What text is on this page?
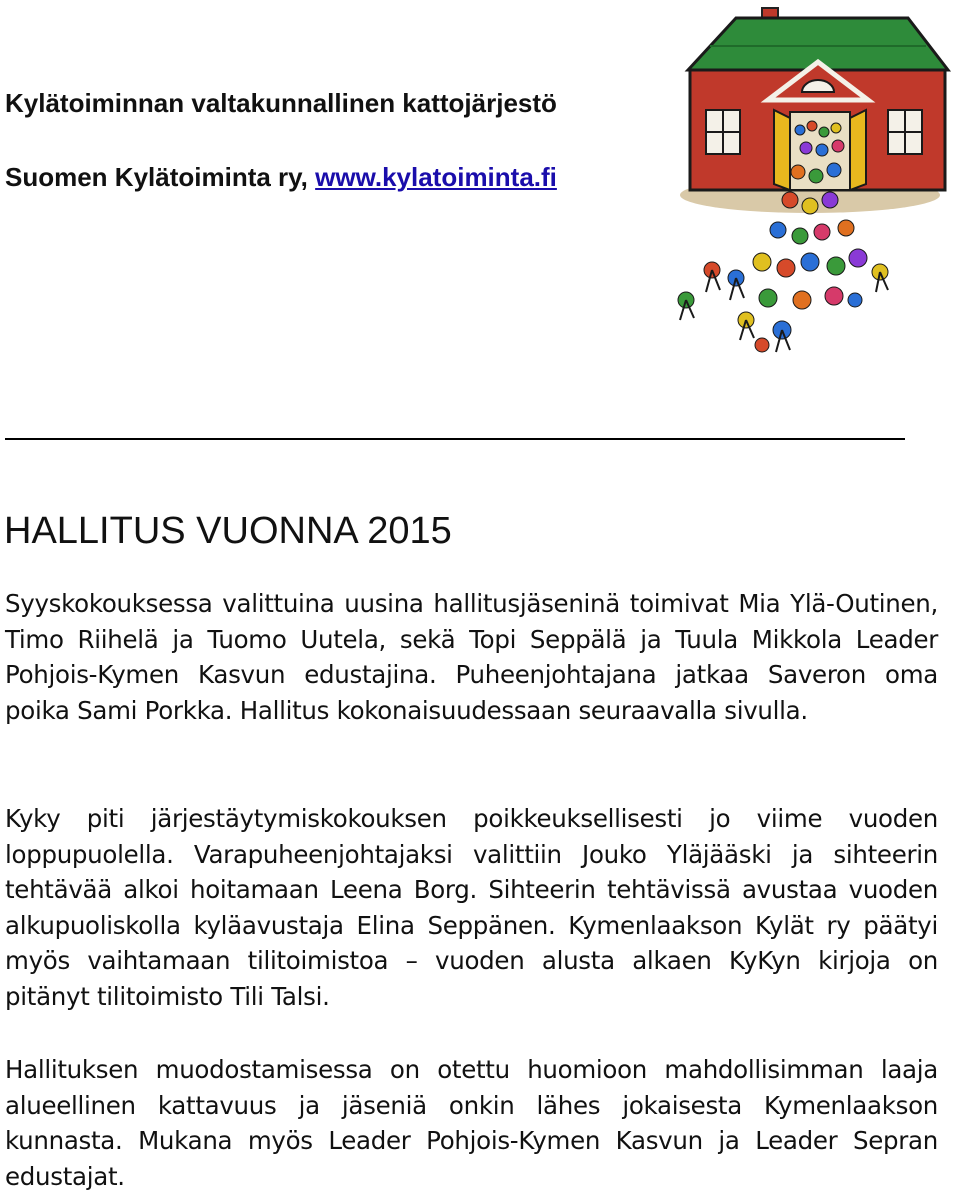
Kylätoiminnan valtakunnallinen kattojärjestö

Suomen Kylätoiminta ry, www.kylatoiminta.fi

HALLITUS VUONNA 2015

Syyskokouksessa valittuina uusina hallitusjäseninä toimivat Mia Ylä-Outinen, Timo Riihelä ja Tuomo Uutela, sekä Topi Seppälä ja Tuula Mikkola Leader Pohjois-Kymen Kasvun edustajina. Puheenjohtajana jatkaa Saveron oma poika Sami Porkka. Hallitus kokonaisuudessaan seuraavalla sivulla.

Kyky piti järjestäytymiskokouksen poikkeuksellisesti jo viime vuoden loppupuolella. Varapuheenjohtajaksi valittiin Jouko Yläjääski ja sihteerin tehtävää alkoi hoitamaan Leena Borg. Sihteerin tehtävissä avustaa vuoden alkupuoliskolla kyläavustaja Elina Seppänen. Kymenlaakson Kylät ry päätyi myös vaihtamaan tilitoimistoa – vuoden alusta alkaen KyKyn kirjoja on pitänyt tilitoimisto Tili Talsi.

Hallituksen muodostamisessa on otettu huomioon mahdollisimman laaja alueellinen kattavuus ja jäseniä onkin lähes jokaisesta Kymenlaakson kunnasta. Mukana myös Leader Pohjois-Kymen Kasvun ja Leader Sepran edustajat.
